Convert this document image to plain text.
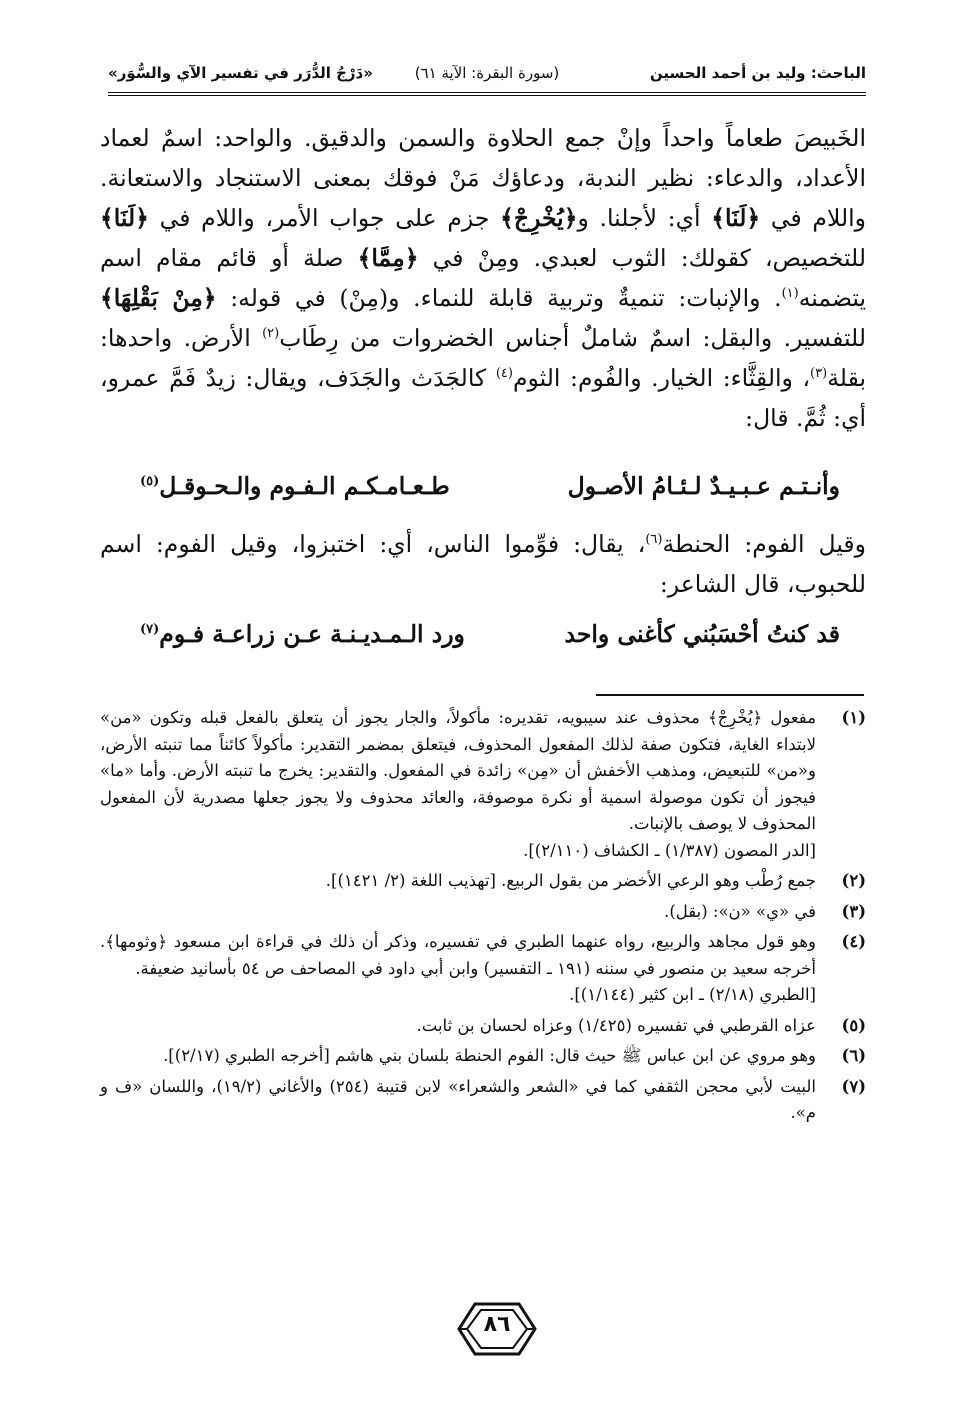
الباحث: وليد بن أحمد الحسين
(سورة البقرة: الآية ٦١)
«دَرْجُ الدُّرَر في تفسير الآي والسُّوَر»

الخَبيصَ طعاماً واحداً وإنْ جمع الحلاوة والسمن والدقيق. والواحد: اسمٌ لعماد الأعداد، والدعاء: نظير الندبة، ودعاؤك مَنْ فوقك بمعنى الاستنجاد والاستعانة. واللام في ﴿لَنَا﴾ أي: لأجلنا. و﴿يُخْرِجْ﴾ جزم على جواب الأمر، واللام في ﴿لَنَا﴾ للتخصيص، كقولك: الثوب لعبدي. ومِنْ في ﴿مِمَّا﴾ صلة أو قائم مقام اسم يتضمنه$^{(١)}$. والإنبات: تنميةٌ وتربية قابلة للنماء. و(مِنْ) في قوله: ﴿مِنْ بَقْلِهَا﴾ للتفسير. والبقل: اسمٌ شاملٌ أجناس الخضروات من رِطَاب$^{(٢)}$ الأرض. واحدها: بقلة$^{(٣)}$، والقِثَّاء: الخيار. والفُوم: الثوم$^{(٤)}$ كالجَدَث والجَدَف، ويقال: زيدٌ فَمَّ عمرو، أي: ثُمَّ. قال:

وأنـتـم عـبـيـدٌ لـئـامُ الأصـول
طـعـامـكـم الـفـوم والـحـوقـل$^{(٥)}$

وقيل الفوم: الحنطة$^{(٦)}$، يقال: فوِّموا الناس، أي: اختبزوا، وقيل الفوم: اسم للحبوب، قال الشاعر:

قد كنتُ أحْسَبُني كأغنى واحد
ورد الـمـديـنـة عـن زراعـة فـوم$^{(٧)}$
(١)
مفعول ﴿يُخْرِجْ﴾ محذوف عند سيبويه، تقديره: مأكولاً، والجار يجوز أن يتعلق بالفعل قبله وتكون «من» لابتداء الغاية، فتكون صفة لذلك المفعول المحذوف، فيتعلق بمضمر التقدير: مأكولاً كائناً مما تنبته الأرض، و«من» للتبعيض، ومذهب الأخفش أن «مِن» زائدة في المفعول. والتقدير: يخرج ما تنبته الأرض. وأما «ما» فيجوز أن تكون موصولة اسمية أو نكرة موصوفة، والعائد محذوف ولا يجوز جعلها مصدرية لأن المفعول المحذوف لا يوصف بالإنبات.
[الدر المصون (١/٣٨٧) ـ الكشاف (٢/١١٠)].
(٢)
جمع رُطْب وهو الرعي الأخضر من بقول الربيع. [تهذيب اللغة (٢/ ١٤٢١)].
(٣)
في «ي» «ن»: (بقل).
(٤)
وهو قول مجاهد والربيع، رواه عنهما الطبري في تفسيره، وذكر أن ذلك في قراءة ابن مسعود ﴿وثومها﴾. أخرجه سعيد بن منصور في سننه (١٩١ ـ التفسير) وابن أبي داود في المصاحف ص ٥٤ بأسانيد ضعيفة.
[الطبري (٢/١٨) ـ ابن كثير (١/١٤٤)].
(٥)
عزاه القرطبي في تفسيره (١/٤٢٥) وعزاه لحسان بن ثابت.
(٦)
وهو مروي عن ابن عباس ﷺ حيث قال: الفوم الحنطة بلسان بني هاشم [أخرجه الطبري (٢/١٧)].
(٧)
البيت لأبي محجن الثقفي كما في «الشعر والشعراء» لابن قتيبة (٢٥٤) والأغاني (١٩/٢)، واللسان «ف و م».
٨٦
